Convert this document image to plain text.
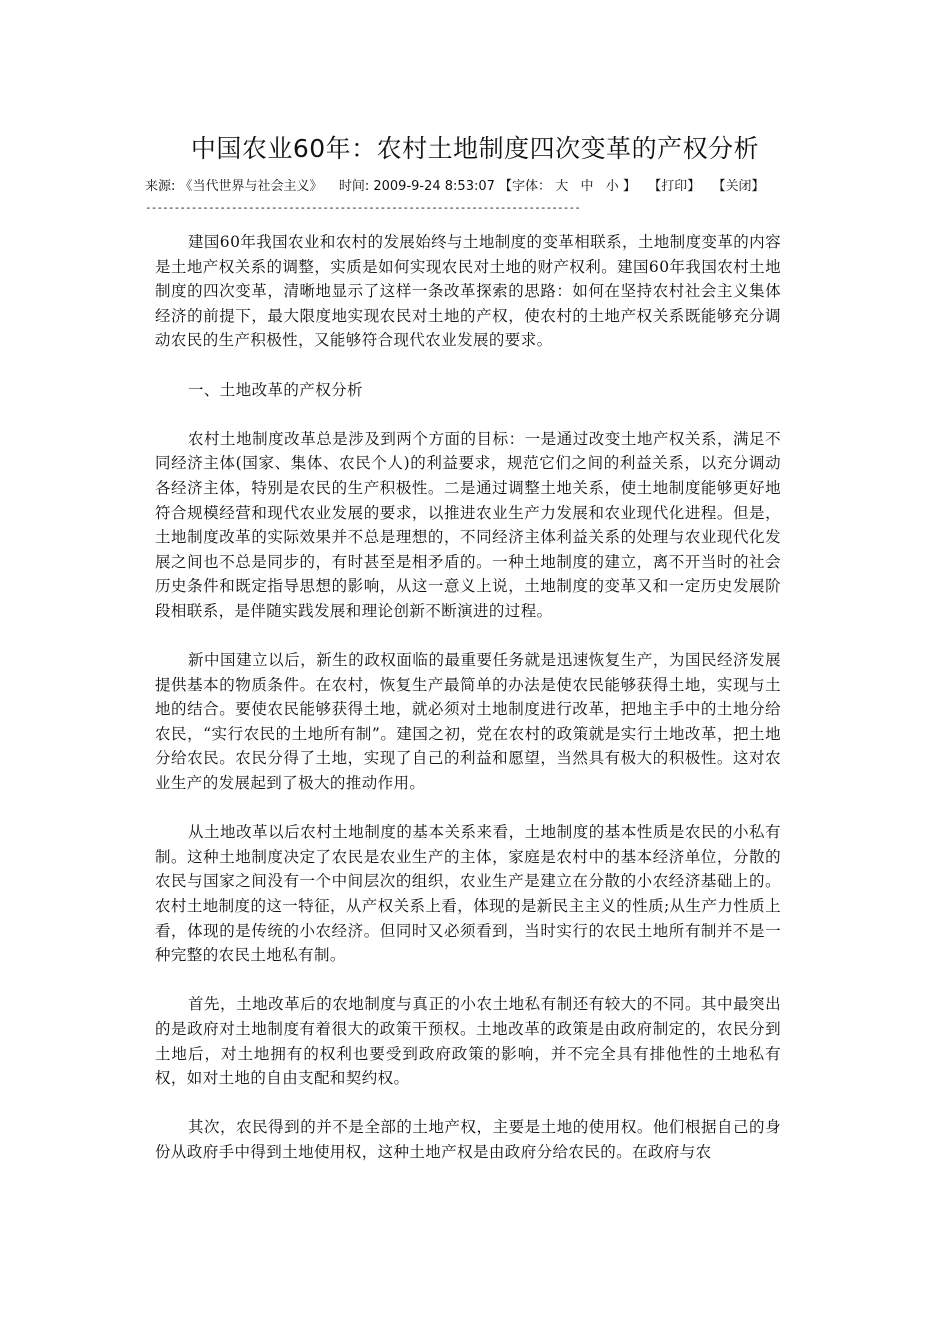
中国农业60年：农村土地制度四次变革的产权分析
来源: 《当代世界与社会主义》 时间: 2009-9-24 8:53:07 【字体： 大 中 小 】 【打印】 【关闭】
----------------------------------------------------------------------------

建国60年我国农业和农村的发展始终与土地制度的变革相联系，土地制度变革的内容是土地产权关系的调整，实质是如何实现农民对土地的财产权利。建国60年我国农村土地制度的四次变革，清晰地显示了这样一条改革探索的思路：如何在坚持农村社会主义集体经济的前提下，最大限度地实现农民对土地的产权，使农村的土地产权关系既能够充分调动农民的生产积极性，又能够符合现代农业发展的要求。

一、土地改革的产权分析

农村土地制度改革总是涉及到两个方面的目标：一是通过改变土地产权关系，满足不同经济主体(国家、集体、农民个人)的利益要求，规范它们之间的利益关系，以充分调动各经济主体，特别是农民的生产积极性。二是通过调整土地关系，使土地制度能够更好地符合规模经营和现代农业发展的要求，以推进农业生产力发展和农业现代化进程。但是，土地制度改革的实际效果并不总是理想的，不同经济主体利益关系的处理与农业现代化发展之间也不总是同步的，有时甚至是相矛盾的。一种土地制度的建立，离不开当时的社会历史条件和既定指导思想的影响，从这一意义上说，土地制度的变革又和一定历史发展阶段相联系，是伴随实践发展和理论创新不断演进的过程。

新中国建立以后，新生的政权面临的最重要任务就是迅速恢复生产，为国民经济发展提供基本的物质条件。在农村，恢复生产最简单的办法是使农民能够获得土地，实现与土地的结合。要使农民能够获得土地，就必须对土地制度进行改革，把地主手中的土地分给农民，“实行农民的土地所有制”。建国之初，党在农村的政策就是实行土地改革，把土地分给农民。农民分得了土地，实现了自己的利益和愿望，当然具有极大的积极性。这对农业生产的发展起到了极大的推动作用。

从土地改革以后农村土地制度的基本关系来看，土地制度的基本性质是农民的小私有制。这种土地制度决定了农民是农业生产的主体，家庭是农村中的基本经济单位，分散的农民与国家之间没有一个中间层次的组织，农业生产是建立在分散的小农经济基础上的。农村土地制度的这一特征，从产权关系上看，体现的是新民主主义的性质;从生产力性质上看，体现的是传统的小农经济。但同时又必须看到，当时实行的农民土地所有制并不是一种完整的农民土地私有制。

首先，土地改革后的农地制度与真正的小农土地私有制还有较大的不同。其中最突出的是政府对土地制度有着很大的政策干预权。土地改革的政策是由政府制定的，农民分到土地后，对土地拥有的权利也要受到政府政策的影响，并不完全具有排他性的土地私有权，如对土地的自由支配和契约权。

其次，农民得到的并不是全部的土地产权，主要是土地的使用权。他们根据自己的身份从政府手中得到土地使用权，这种土地产权是由政府分给农民的。在政府与农
